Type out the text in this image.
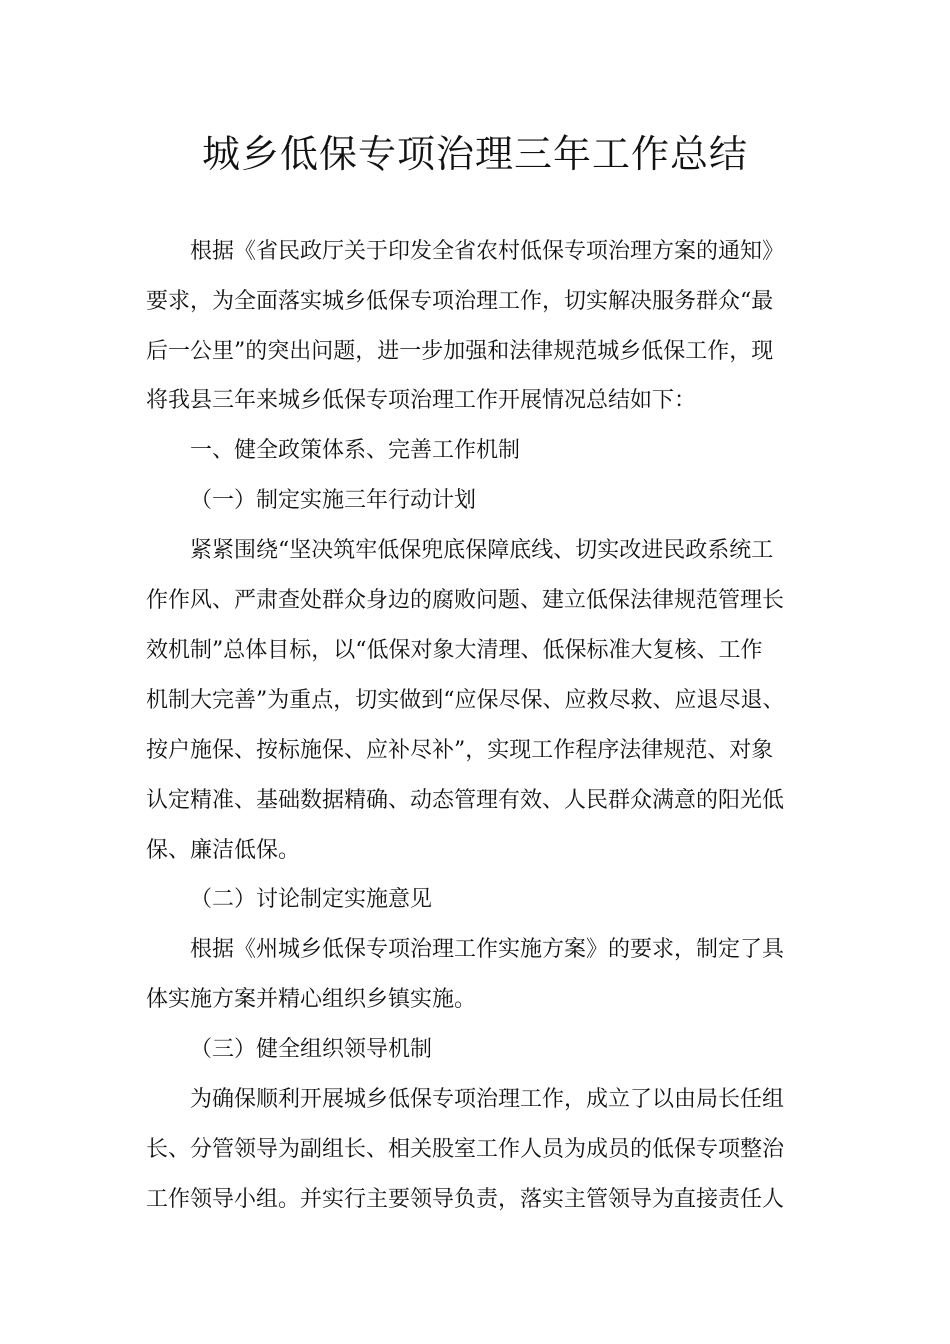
城乡低保专项治理三年工作总结
根据《省民政厅关于印发全省农村低保专项治理方案的通知》
要求，为全面落实城乡低保专项治理工作，切实解决服务群众“最
后一公里”的突出问题，进一步加强和法律规范城乡低保工作，现
将我县三年来城乡低保专项治理工作开展情况总结如下：
一、健全政策体系、完善工作机制
（一）制定实施三年行动计划
紧紧围绕“坚决筑牢低保兜底保障底线、切实改进民政系统工
作作风、严肃查处群众身边的腐败问题、建立低保法律规范管理长
效机制”总体目标，以“低保对象大清理、低保标准大复核、工作
机制大完善”为重点，切实做到“应保尽保、应救尽救、应退尽退、
按户施保、按标施保、应补尽补”，实现工作程序法律规范、对象
认定精准、基础数据精确、动态管理有效、人民群众满意的阳光低
保、廉洁低保。
（二）讨论制定实施意见
根据《州城乡低保专项治理工作实施方案》的要求，制定了具
体实施方案并精心组织乡镇实施。
（三）健全组织领导机制
为确保顺利开展城乡低保专项治理工作，成立了以由局长任组
长、分管领导为副组长、相关股室工作人员为成员的低保专项整治
工作领导小组。并实行主要领导负责，落实主管领导为直接责任人
